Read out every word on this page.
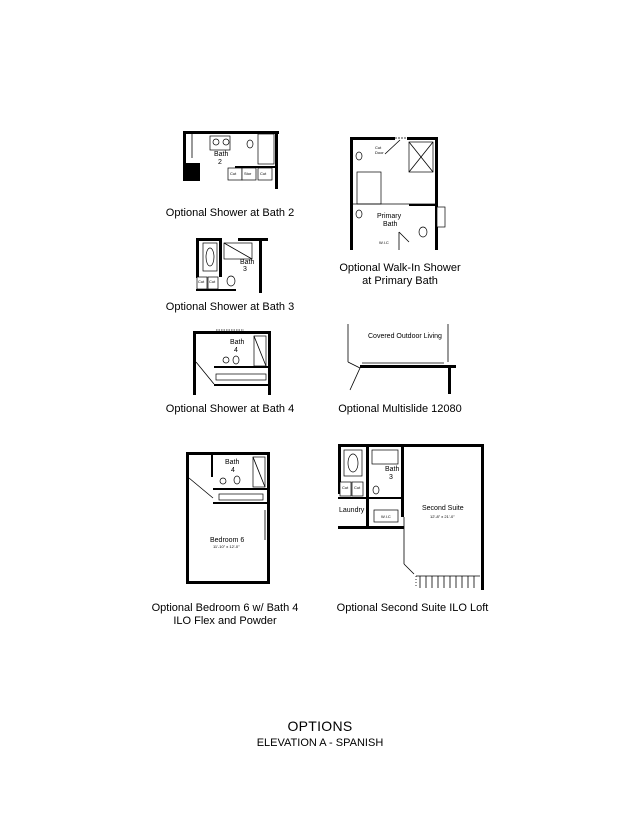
Bath
2
Cut Stor Cut
Optional Shower at Bath 2
Cut
Door
Primary
Bath
W.I.C
Optional Walk-In Shower
at Primary Bath
Bath
3
Cut Cut
Optional Shower at Bath 3
Bath
4
Optional Shower at Bath 4
Covered Outdoor Living
Optional Multislide 12080
Bath
4
Bedroom 6
11'-10" x 12'-0"
Optional Bedroom 6 w/ Bath 4
ILO Flex and Powder
Bath
3
Cut Cut
Laundry
W.I.C
Second Suite
12'-8" x 21'-0"
Optional Second Suite ILO Loft
OPTIONS
ELEVATION A - SPANISH
